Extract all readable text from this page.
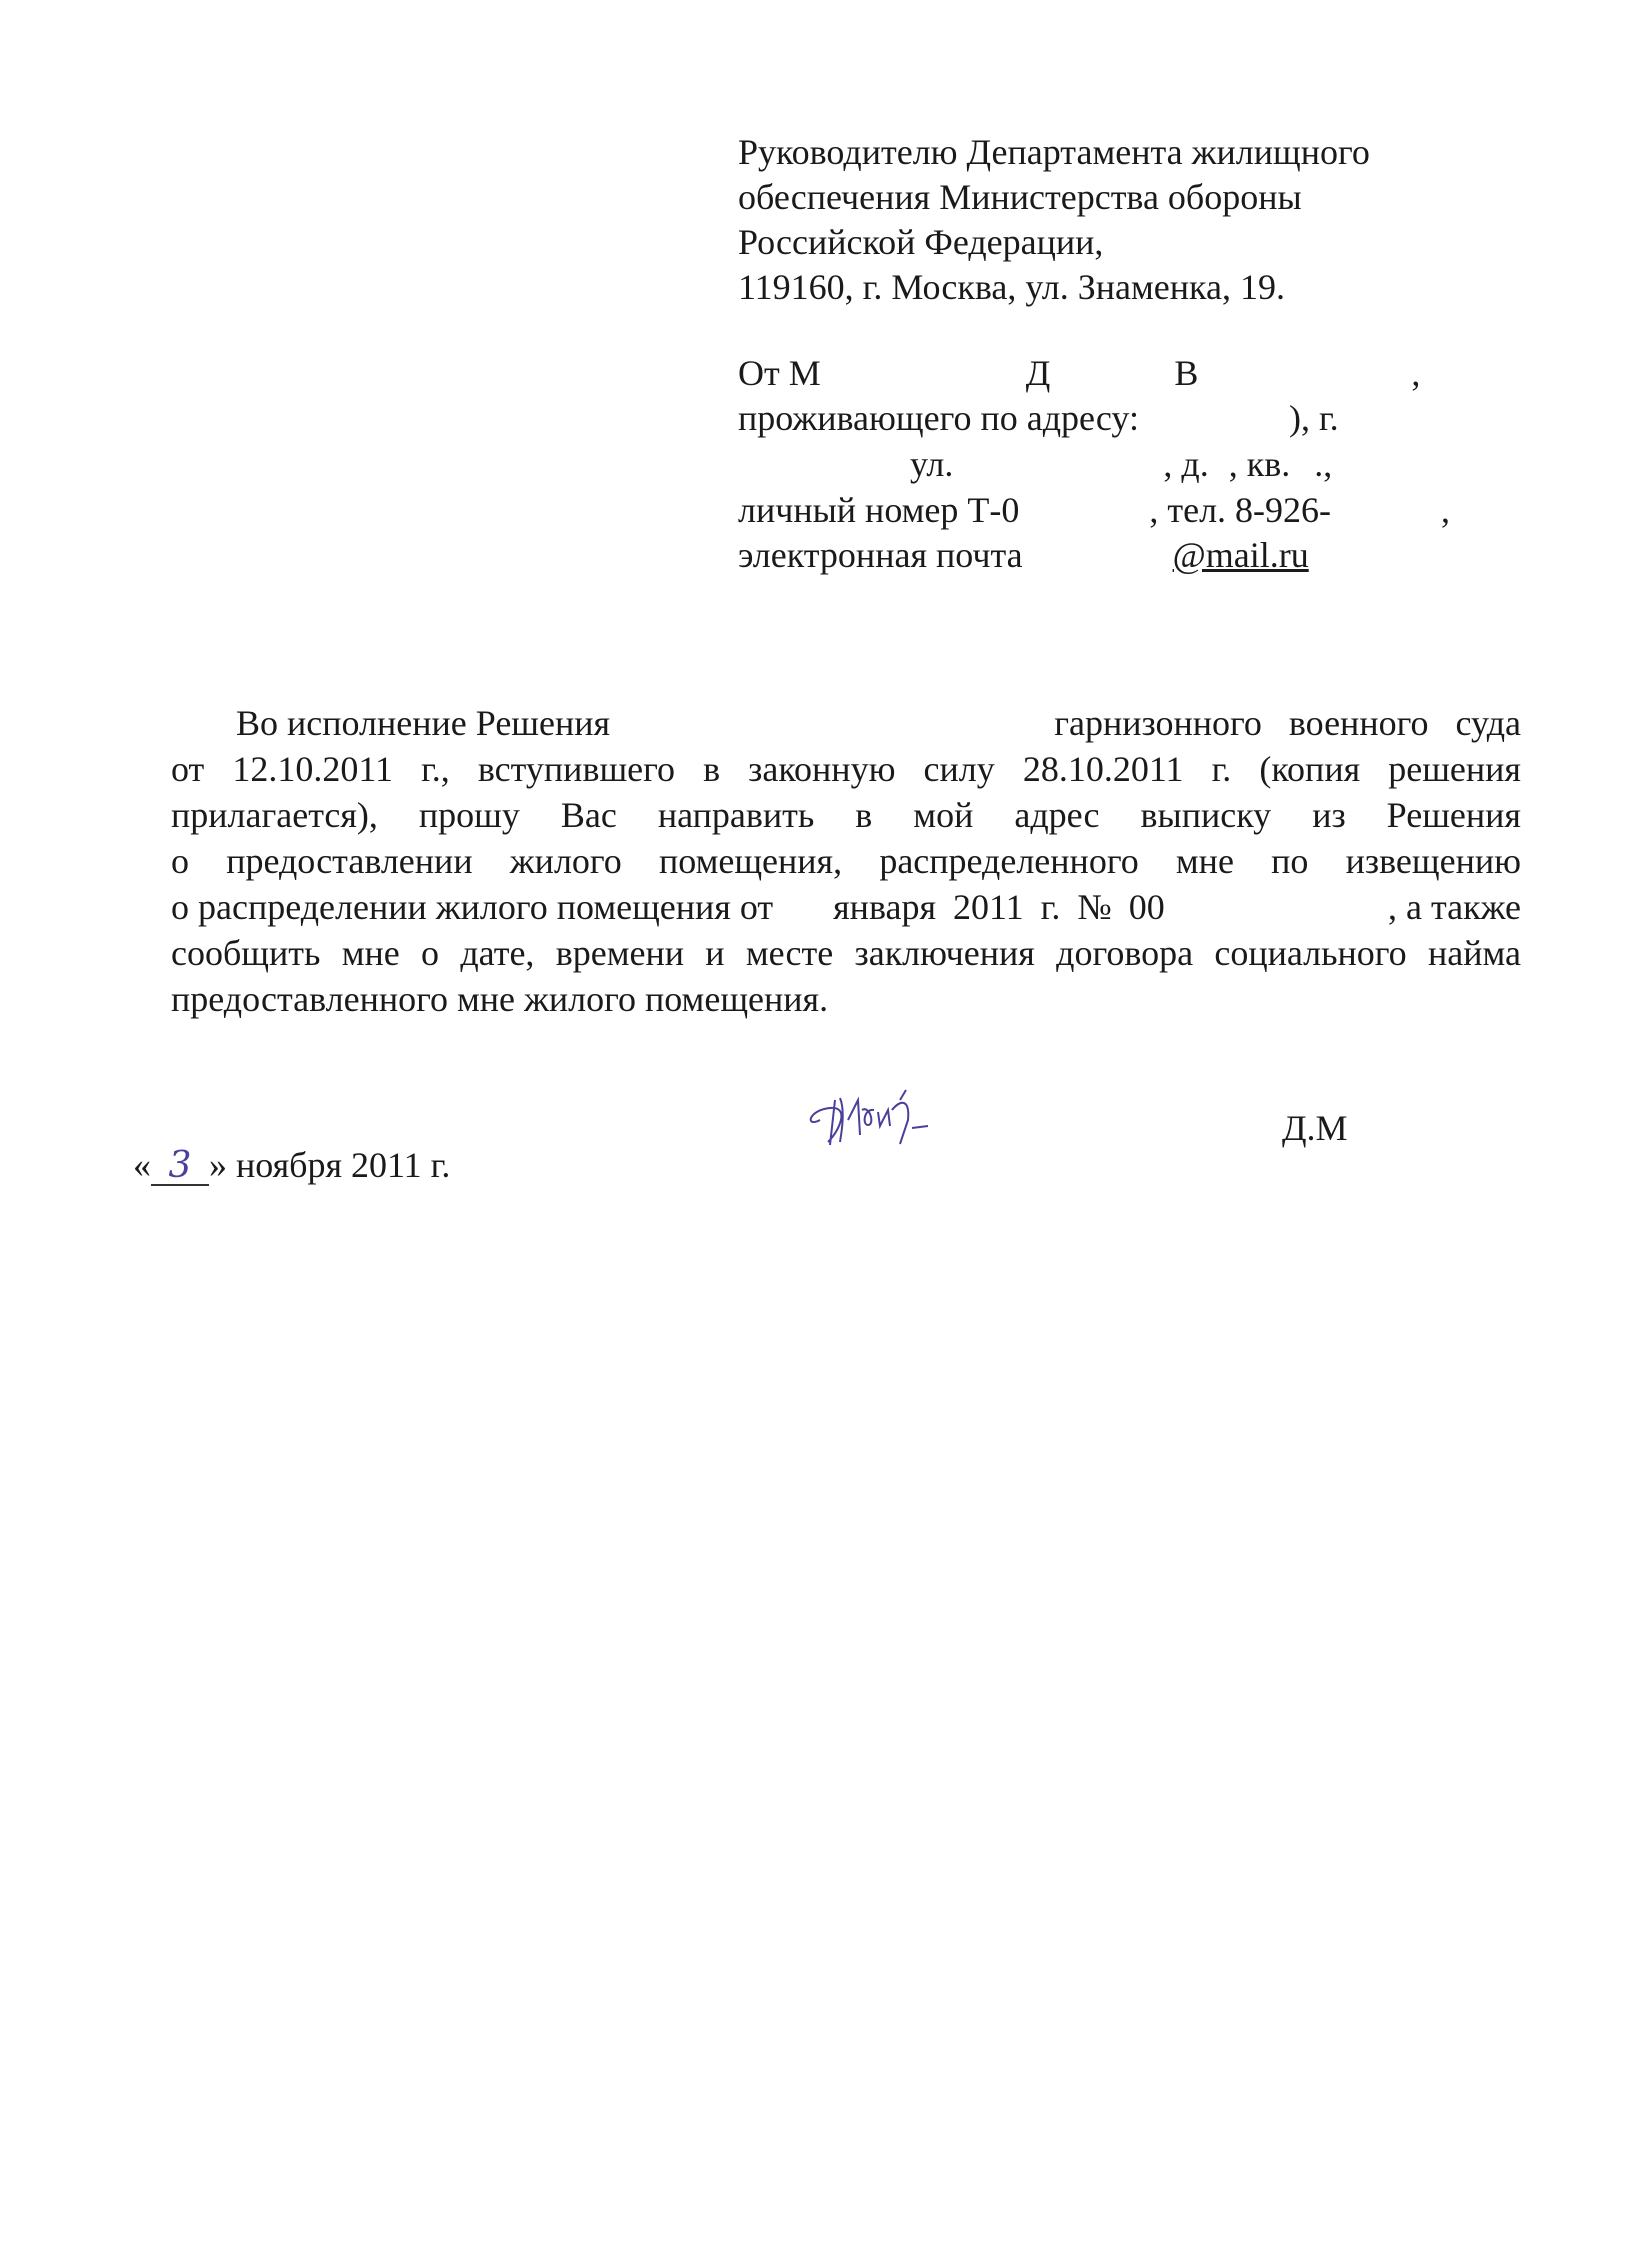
Руководителю Департамента жилищного
обеспечения Министерства обороны
Российской Федерации,
119160, г. Москва, ул. Знаменка, 19.
От М	Д	В	,
проживающего по адресу:	) , г.
ул.	, д. , кв. .,
личный номер Т-0	, тел. 8-926-	,
электронная почта	@mail.ru
Во исполнение Решения	гарнизонного военного суда
от 12.10.2011 г., вступившего в законную силу 28.10.2011 г. (копия решения
прилагается), прошу Вас направить в мой адрес выписку из Решения
о предоставлении жилого помещения, распределенного мне по извещению
о распределении жилого помещения от января 2011 г. № 00	, а также
сообщить мне о дате, времени и месте заключения договора социального найма
предоставленного мне жилого помещения.
Д.М
« 3 » ноября 2011 г.
